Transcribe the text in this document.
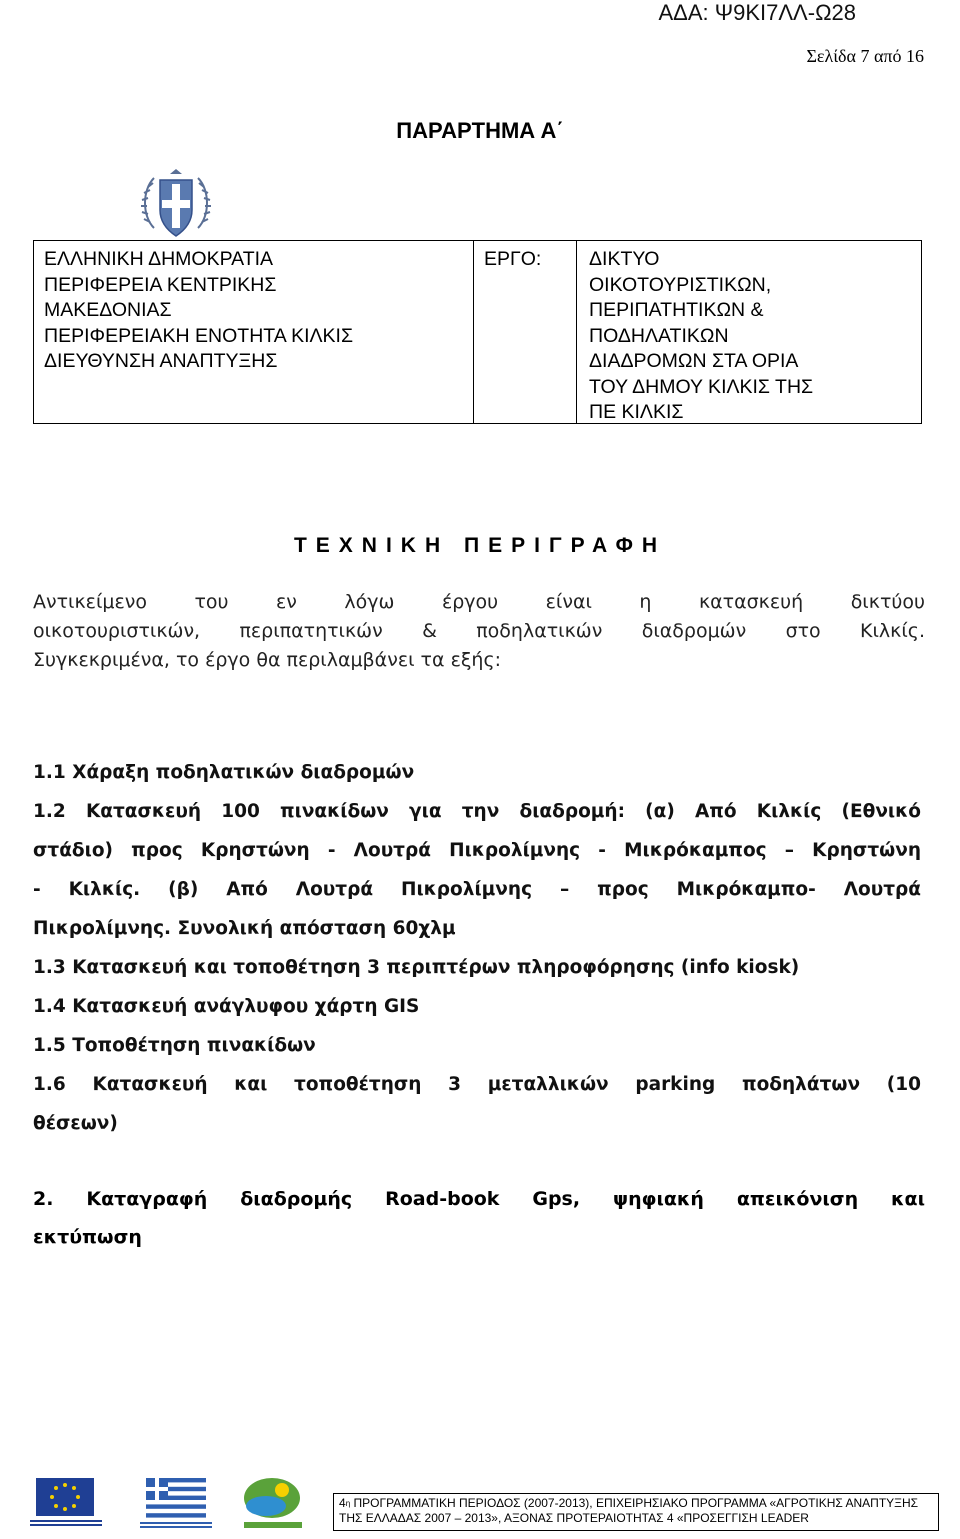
ΑΔΑ: Ψ9ΚΙ7ΛΛ-Ω28
Σελίδα 7 από 16
ΠΑΡΑΡΤΗΜΑ Α΄
ΕΛΛΗΝΙΚΗ ΔΗΜΟΚΡΑΤΙΑ
ΠΕΡΙΦΕΡΕΙΑ ΚΕΝΤΡΙΚΗΣ
ΜΑΚΕΔΟΝΙΑΣ
ΠΕΡΙΦΕΡΕΙΑΚΗ ΕΝΟΤΗΤΑ ΚΙΛΚΙΣ
ΔΙΕΥΘΥΝΣΗ ΑΝΑΠΤΥΞΗΣ
ΕΡΓΟ:	ΔΙΚΤΥΟ
ΟΙΚΟΤΟΥΡΙΣΤΙΚΩΝ,
ΠΕΡΙΠΑΤΗΤΙΚΩΝ &
ΠΟΔΗΛΑΤΙΚΩΝ
ΔΙΑΔΡΟΜΩΝ ΣΤΑ ΟΡΙΑ
ΤΟΥ ΔΗΜΟΥ ΚΙΛΚΙΣ ΤΗΣ
ΠΕ ΚΙΛΚΙΣ
ΤΕΧΝΙΚΗ ΠΕΡΙΓΡΑΦΗ
Αντικείμενο του εν λόγω έργου είναι η κατασκευή δικτύου
οικοτουριστικών, περιπατητικών & ποδηλατικών διαδρομών στο Κιλκίς.
Συγκεκριμένα, το έργο θα περιλαμβάνει τα εξής:
1.1 Χάραξη ποδηλατικών διαδρομών
1.2 Κατασκευή 100 πινακίδων για την διαδρομή: (α) Από Κιλκίς (Εθνικό
στάδιο) προς Κρηστώνη - Λουτρά Πικρολίμνης - Μικρόκαμπος – Κρηστώνη
- Κιλκίς. (β) Από Λουτρά Πικρολίμνης – προς Μικρόκαμπο- Λουτρά
Πικρολίμνης. Συνολική απόσταση 60χλμ
1.3 Κατασκευή και τοποθέτηση 3 περιπτέρων πληροφόρησης (info kiosk)
1.4 Κατασκευή ανάγλυφου χάρτη GIS
1.5 Τοποθέτηση πινακίδων
1.6 Κατασκευή και τοποθέτηση 3 μεταλλικών parking ποδηλάτων (10
θέσεων)
2. Καταγραφή διαδρομής Road-book Gps, ψηφιακή απεικόνιση και
εκτύπωση
$4^\eta$ ΠΡΟΓΡΑΜΜΑΤΙΚΗ ΠΕΡΙΟΔΟΣ (2007-2013), ΕΠΙΧΕΙΡΗΣΙΑΚΟ ΠΡΟΓΡΑΜΜΑ «ΑΓΡΟΤΙΚΗΣ ΑΝΑΠΤΥΞΗΣ
ΤΗΣ ΕΛΛΑΔΑΣ 2007 – 2013», ΑΞΟΝΑΣ ΠΡΟΤΕΡΑΙΟΤΗΤΑΣ 4 «ΠΡΟΣΕΓΓΙΣΗ LEADER
